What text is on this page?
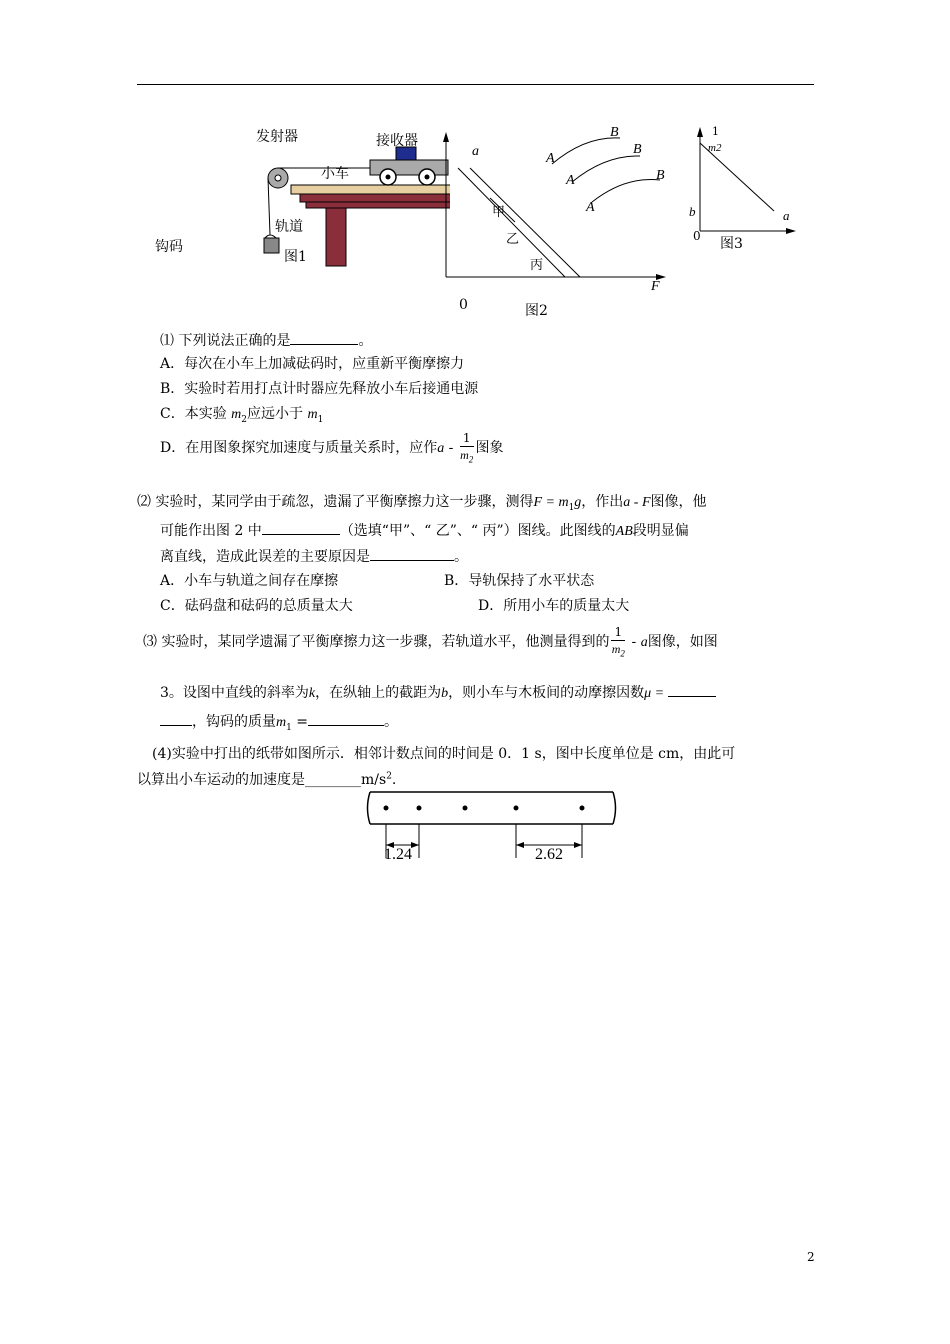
发射器	接收器
小车
轨道
钩码
图1
a
F
0
甲
乙
丙
A
B
A
B
A
B
图2
1
m2
b	a
0 图3
⑴ 下列说法正确的是	。
A．每次在小车上加减砝码时，应重新平衡摩擦力
B．实验时若用打点计时器应先释放小车后接通电源
C．本实验 $m_2$应远小于 $m_1$
D．在用图象探究加速度与质量关系时，应作a - $\frac{1}{m_2}$ 图象
⑵ 实验时，某同学由于疏忽，遗漏了平衡摩擦力这一步骤，测得$F = m_1g$，作出a - F图像，他
可能作出图 2 中	（选填“甲”、“ 乙”、“ 丙”）图线。此图线的AB段明显偏
离直线，造成此误差的主要原因是	。
A．小车与轨道之间存在摩擦	B．导轨保持了水平状态
C．砝码盘和砝码的总质量太大	D．所用小车的质量太大
⑶ 实验时，某同学遗漏了平衡摩擦力这一步骤，若轨道水平，他测量得到的 $\frac{1}{m_2}$ - a图像，如图
3。设图中直线的斜率为k，在纵轴上的截距为b，则小车与木板间的动摩擦因数μ =
，钩码的质量$m_1$ =	。
(4)实验中打出的纸带如图所示．相邻计数点间的时间是 0．1 s，图中长度单位是 cm，由此可
以算出小车运动的加速度是$\_\_\_\_\_\_\_\_m/s^2$.
1.24	2.62
2
